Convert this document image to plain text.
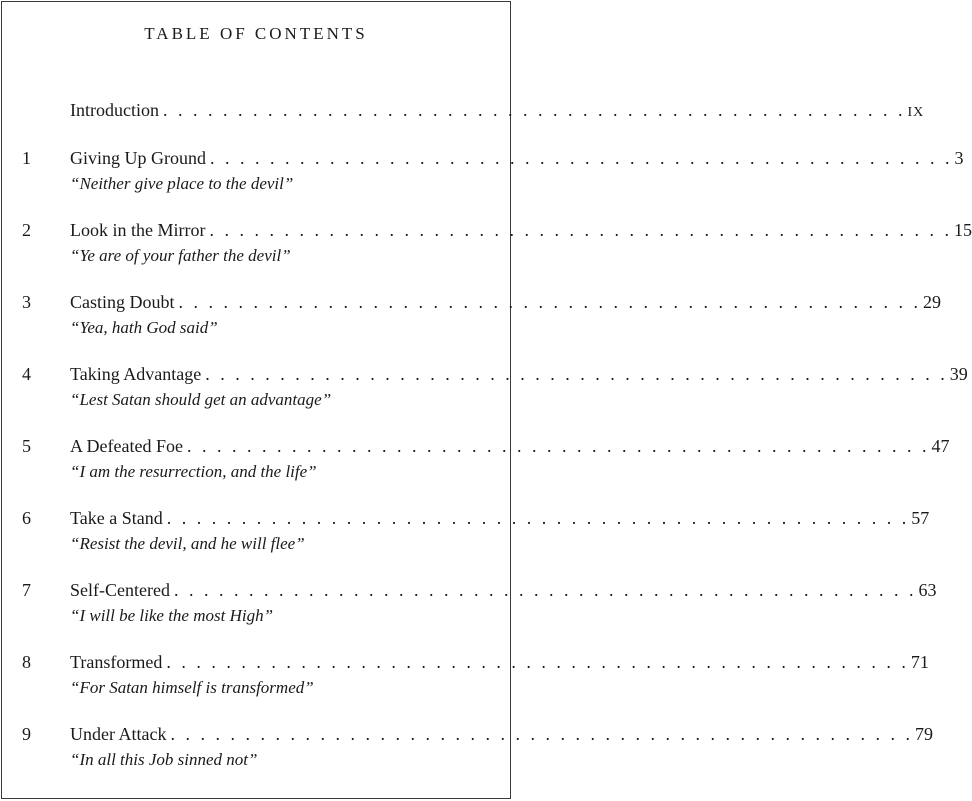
TABLE OF CONTENTS
Introduction . . . . . . . . . . . . . . . . . . . . . . . . . . . . . . . . . . . . . . . . . . . . . . . . . . IX
1 Giving Up Ground . . . . . . . . . . . . . . . . . . . . . . . . . . . . . . . . . . . . . . . . . . . . . . . . . . 3
“Neither give place to the devil”
2 Look in the Mirror . . . . . . . . . . . . . . . . . . . . . . . . . . . . . . . . . . . . . . . . . . . . . . . . . . 15
“Ye are of your father the devil”
3 Casting Doubt . . . . . . . . . . . . . . . . . . . . . . . . . . . . . . . . . . . . . . . . . . . . . . . . . . 29
“Yea, hath God said”
4 Taking Advantage . . . . . . . . . . . . . . . . . . . . . . . . . . . . . . . . . . . . . . . . . . . . . . . . . . 39
“Lest Satan should get an advantage”
5 A Defeated Foe . . . . . . . . . . . . . . . . . . . . . . . . . . . . . . . . . . . . . . . . . . . . . . . . . . 47
“I am the resurrection, and the life”
6 Take a Stand . . . . . . . . . . . . . . . . . . . . . . . . . . . . . . . . . . . . . . . . . . . . . . . . . . 57
“Resist the devil, and he will flee”
7 Self-Centered . . . . . . . . . . . . . . . . . . . . . . . . . . . . . . . . . . . . . . . . . . . . . . . . . . 63
“I will be like the most High”
8 Transformed . . . . . . . . . . . . . . . . . . . . . . . . . . . . . . . . . . . . . . . . . . . . . . . . . . 71
“For Satan himself is transformed”
9 Under Attack . . . . . . . . . . . . . . . . . . . . . . . . . . . . . . . . . . . . . . . . . . . . . . . . . . 79
“In all this Job sinned not”
